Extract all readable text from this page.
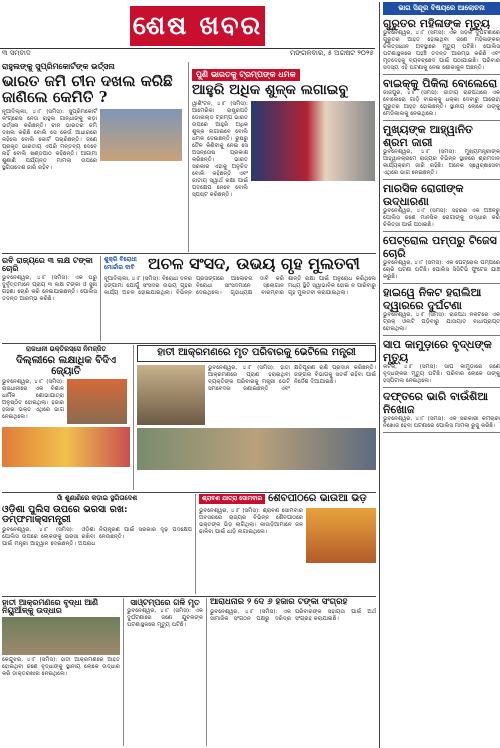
ଶେଷ ଖବର
୩ ସମ୍ବାଦ	ମଙ୍ଗଳବାର, ୫ ଅଗଷ୍ଟ ୨୦୨୫
ଭାଗ ସିନ୍ଦୂର ବିଷୟରେ ଆଲୋଚନା
ଗୁରୁତର ମହିଳାଙ୍କ ମୃତ୍ୟୁ
ଭୁବନେଶ୍ୱର, ୪।୮ (ସମିସ): ଏକ ସଡ଼କ ଦୁର୍ଘଟଣାରେ ଗୁରୁତର ଆହତ ହୋଇଥିବା ଜଣେ ମହିଳାଙ୍କର ଚିକିତ୍ସାଧୀନ ଅବସ୍ଥାରେ ମୃତ୍ୟୁ ଘଟିଛି। ପୋଲିସ ଘଟଣାସ୍ଥଳରେ ପହଞ୍ଚି ତଦନ୍ତ ଆରମ୍ଭ କରିଛି ଏବଂ ମୃତଦେହକୁ ବ୍ୟବଚ୍ଛେଦ ପାଇଁ ପଠାଯାଇଛି। ପରିବାର ସଦସ୍ୟ ଏହି ଘଟଣାକୁ ନେଇ ଶୋକାକୁଳ ଅଛନ୍ତି।
ବାଇକ୍କୁ ପିକିଲା ବୋଲେରୋ
ଜାଜପୁର, ୪।୮ (ସମିସ): ଜାତୀୟ ରାଜପଥରେ ଏକ ବୋଲେରୋ ଗାଡ଼ି ବାଇକ୍କୁ ଧକ୍କା ଦେବାରୁ ଆରୋହୀ ଗୁରୁତର ଆହତ ହୋଇଛନ୍ତି। ସ୍ଥାନୀୟ ଲୋକେ ତାଙ୍କୁ ମେଡିକାଲକୁ ନେଇଥିଲେ।
ମୁଖ୍ୟଙ୍କ ଆହ୍ୱାନିତ ଶ୍ରମ ଜାରୀ
ଭୁବନେଶ୍ୱର, ୪।୮ (ସମିସ): ମୁଖ୍ୟମନ୍ତ୍ରୀଙ୍କ ଆହ୍ୱାନକ୍ରମେ ରାଜ୍ୟର ବିଭିନ୍ନ ସ୍ଥାନରେ ଶ୍ରମଦାନ କାର୍ଯ୍ୟକ୍ରମ ଜାରି ରହିଛି। ଅନେକ ସ୍ୱେଚ୍ଛାସେବୀ ଏଥିରେ ଭାଗ ନେଇଛନ୍ତି।
ମାରସିକ ରୋଗୀଙ୍କ ଉଦ୍ଧାରଣା
ଭୁବନେଶ୍ୱର, ୪।୮ (ସମିସ): ସହରର ଏକ ଅଞ୍ଚଳରୁ ପୋଲିସ ଜଣେ ମାନସିକ ରୋଗୀଙ୍କୁ ଉଦ୍ଧାର କରି ଚିକିତ୍ସା ପାଇଁ ପଠାଇଛି।
ପେଟ୍ରୋଲ ପମ୍ପରୁ ଟିଜେସ ଚୋରି
ଭୁବନେଶ୍ୱର, ୪।୮ (ସମିସ): ଏକ ପେଟ୍ରୋଲ ପମ୍ପରେ ଚୋରି ଘଟଣା ଘଟିଛି। ପୋଲିସ ସିସିଟିଭି ଫୁଟେଜ ଯାଞ୍ଚ କରୁଛି।
ହାଇୱେ ନିକଟ ହରାଲିଆ ଦ୍ୱାରରେ ଦୁର୍ଘଟଣା
ଭୁବନେଶ୍ୱର, ୪।୮ (ସମିସ): ରାଜପଥ ନିକଟରେ ଏକ ଟ୍ରକ୍ ଓଲଟି ପଡ଼ିବାରୁ ଯାତାୟାତ ବାଧାପ୍ରାପ୍ତ ହୋଇଥିଲା।
ସାପ କାମୁଡ଼ାରେ ବୃଦ୍ଧଙ୍କ ମୃତ୍ୟୁ
କଟକ, ୪।୮ (ସମିସ): ସାପ କାମୁଡ଼ାରେ ଜଣେ ବୃଦ୍ଧଙ୍କର ମୃତ୍ୟୁ ଘଟିଛି। ପରିବାର ଲୋକେ ତାଙ୍କୁ ହସ୍ପିଟାଲ ନେଇଥିଲେ।
ଦଫ୍ତରେ ଭାରି ବାଉଁଶିଆ ନିଖୋଜ
ଭୁବନେଶ୍ୱର, ୪।୮ (ସମିସ): ଏକ ସରକାରୀ କର୍ମଚାରୀ ନିଖୋଜ ହେବା ଘଟଣାରେ ପୋଲିସ ମାମଲା ରୁଜୁ କରିଛି।
ରାହୁଲଙ୍କୁ ସୁପ୍ରିମକୋର୍ଟଙ୍କ ଭର୍ତ୍ସନା
ଭାରତ ଜମି ଚୀନ ଦଖଲ କରିଛି ଜାଣିଲେ କେମିତି ?

ନୂଆଦିଲ୍ଲୀ, ୪।୮ (ସମିସ): ସୁପ୍ରିମକୋର୍ଟ କଂଗ୍ରେସ ନେତା ରାହୁଲ ଗାନ୍ଧୀଙ୍କୁ କଡ଼ା ଭର୍ତ୍ସନା କରିଛନ୍ତି। ଚୀନ ଭାରତର ଜମି ଦଖଲ କରିଛି ବୋଲି ସେ କେଉଁ ଆଧାରରେ କହିଲେ ବୋଲି କୋର୍ଟ ପଚାରିଛନ୍ତି। ଜଣେ ପ୍ରକୃତ ଭାରତୀୟ ଏପରି ମନ୍ତବ୍ୟ ଦେବେ ନାହିଁ ବୋଲି ଖଣ୍ଡପୀଠ କହିଛନ୍ତି। ଆଗାମୀ ଶୁଣାଣି ପର୍ଯ୍ୟନ୍ତ ମାମଲା ଉପରେ ସ୍ଥଗିତାଦେଶ ଜାରି ରହିବ।

ପୁଣି ଭାରତକୁ ଟ୍ରମ୍ପଙ୍କ ଧମକ
ଆହୁରି ଅଧିକ ଶୁଳ୍କ ଲଗାଇବୁ

ୱାଶିଂଟନ, ୪।୮ (ସମିସ): ଆମେରିକା ରାଷ୍ଟ୍ରପତି ଡୋନାଲ୍ଡ ଟ୍ରମ୍ପ ଭାରତ ଉପରେ ଆହୁରି ଅଧିକ ଶୁଳ୍କ ଲଗାଇବେ ବୋଲି ଧମକ ଦେଇଛନ୍ତି। ରୁଷରୁ ତୈଳ କିଣିବାକୁ ନେଇ ସେ ଅସନ୍ତୋଷ ପ୍ରକାଶ କରିଛନ୍ତି। ଭାରତ ସରକାର ଏହାକୁ ଅନୁଚିତ ବୋଲି କହିଛନ୍ତି ଏବଂ ଜାତୀୟ ସ୍ୱାର୍ଥ ରକ୍ଷା ପାଇଁ ପଦକ୍ଷେପ ନେବେ ବୋଲି ସ୍ପଷ୍ଟ କରିଛନ୍ତି।

ରବି ରାଜ୍ୟରେ ୩ ଲକ୍ଷ ଟଙ୍କା ଚୋରି

ଭୁବନେଶ୍ୱର, ୪।୮ (ସମିସ): ଏକ ଘରୁ ଦୁର୍ବୃତ୍ତମାନେ ପ୍ରାୟ ୩ ଲକ୍ଷ ଟଙ୍କା ଓ ସୁନା ଗହଣା ଚୋରି କରି ନେଇଯାଇଛନ୍ତି। ପୋଲିସ ତଦନ୍ତ ଆରମ୍ଭ କରିଛି।

ଶୁକ୍ରି ବିରୋଧୀ ମୋର୍ଚ୍ଚାର ଦାବି ଅଚଳ ସଂସଦ, ଉଭୟ ଗୃହ ମୁଲତବୀ

ନୂଆଦିଲ୍ଲୀ, ୪।୮ (ସମିସ): ବିରୋଧୀ ଦଳର ହଙ୍ଗାମା ଯୋଗୁଁ ସଂସଦର ଉଭୟ ଗୃହର କାର୍ଯ୍ୟ ଅଚଳ ହୋଇଯାଇଥିଲା। ବିଭିନ୍ନ ପ୍ରସଙ୍ଗରେ ଆଲୋଚନା ଦାବି କରି ବିରୋଧୀ ସାଂସଦମାନେ ସ୍ଲୋଗାନ ଦେଇଥିଲେ। ଗୃହାଧ୍ୟକ୍ଷ ବାରମ୍ବାର ଶାନ୍ତି ରକ୍ଷା ପାଇଁ ଅନୁରୋଧ କରିଥିଲେ ମଧ୍ୟ ସ୍ଥିତି ସ୍ୱାଭାବିକ ହୋଇ ନ ପାରିବାରୁ ଗୃହ ମୁଲତବୀ କରାଯାଇଥିଲା।

ରାଜଧାନୀ ଭକ୍ତିରସ୍ସେ ନିମଜ୍ଜିତ
ଦିଲ୍ଲୀରେ ଲକ୍ଷାଧିକ ବିଦିଏ ଜ୍ୟୋତି

ଭୁବନେଶ୍ୱର, ୪।୮ (ସମିସ): ରାଜଧାନୀରେ ଏକ ବିଶାଳ ଧାର୍ମିକ ଶୋଭାଯାତ୍ରା ଅନୁଷ୍ଠିତ ହୋଇଥିଲା। ହଜାର ହଜାର ଭକ୍ତ ଏଥିରେ ଭାଗ ନେଇଥିଲେ।

ହାତୀ ଆକ୍ରମଣରେ ମୃତ ପରିବାରକୁ ଭେଟିଲେ ମନ୍ତ୍ରୀ

ଭୁବନେଶ୍ୱର, ୪।୮ (ସମିସ): ହାତୀ ଆକ୍ରମଣରେ ପ୍ରାଣ ହରାଇଥିବା ବ୍ୟକ୍ତିଙ୍କ ପରିବାରକୁ ମନ୍ତ୍ରୀ ଭେଟି ସମବେଦନା ଜଣାଇଛନ୍ତି ଏବଂ କ୍ଷତିପୂରଣ ରାଶି ପ୍ରଦାନ କରିଛନ୍ତି। ଜଙ୍ଗଲ ବିଭାଗକୁ ସତର୍କ ରହିବା ପାଇଁ ନିର୍ଦ୍ଦେଶ ଦିଆଯାଇଛି।

ସାଁ ଶୁଣାଣିରେ କଡ଼ାଇ ସ୍ଥଗିତାଦେଶ
ଓଡ଼ିଶା ପୁଲିସ ଉପରେ ଭରସା ରଖ: ଡମ୍ଫମାକ୍ସମନ୍ତ୍ରୀ

ଭୁବନେଶ୍ୱର, ୪।୮ (ସମିସ): ଓଡ଼ିଶା ପୋଲିସ ଉପରେ ଲୋକଙ୍କୁ ଭରସା ରଖିବା ପାଇଁ ମନ୍ତ୍ରୀ ଆହ୍ୱାନ ଦେଇଛନ୍ତି। ଅପରାଧ ନିୟନ୍ତ୍ରଣ ପାଇଁ ସରକାର ଦୃଢ଼ ପଦକ୍ଷେପ ନେଉଛନ୍ତି।

ଶ୍ରାବଣ ଯାତ୍ରା ସୋମବାର ଶୈବପୀଠରେ ଭାଉଁଆଁ ଭିଡ଼

ଭୁବନେଶ୍ୱର, ୪।୮ (ସମିସ): ଶ୍ରାବଣ ସୋମବାର ଅବସରରେ ରାଜ୍ୟର ବିଭିନ୍ନ ଶୈବପୀଠରେ ଭକ୍ତଙ୍କ ଭିଡ଼ ଲାଗିଥିଲା। କାଉଡ଼ିଆମାନେ ଜଳ ଢାଳିବା ପାଇଁ ଧାଡ଼ି ଲଗାଇଥିଲେ।

ହାତୀ ଆକ୍ରମଣରେ ବୃଦ୍ଧା ଆଣି ନିୟୁଆଁଳ୍କୁ ଉଦ୍ଧାର

କେନ୍ଦୁଝର, ୪।୮ (ସମିସ): ହାତୀ ଆକ୍ରମଣରେ ଆହତ ହୋଇଥିବା ଜଣେ ବୃଦ୍ଧାଙ୍କୁ ସ୍ଥାନୀୟ ଲୋକେ ଉଦ୍ଧାର କରି ଡାକ୍ତରଖାନା ନେଇଥିଲେ।

ସାଓ୍ଟମ୍ପରେ ଗଳି ମୃତ

ଭୁବନେଶ୍ୱର, ୪।୮ (ସମିସ): ଏକ ଦୁର୍ଘଟଣାରେ ଜଣେ ଯୁବକଙ୍କ ଘଟଣାସ୍ଥଳରେ ମୃତ୍ୟୁ ଘଟିଛି।

ଆରାଧନାର ୨ ଦେ ୬ ହଜାର ଟଙ୍କା ସଂଗ୍ରହ

ଭୁବନେଶ୍ୱର, ୪।୮ (ସମିସ): ଏକ ସାମାଜିକ ସଂଗଠନ ପକ୍ଷରୁ ଦରିଦ୍ର ପରିବାରଙ୍କ ସହାୟତା ପାଇଁ ଅର୍ଥ ସଂଗ୍ରହ କରାଯାଇଛି।
